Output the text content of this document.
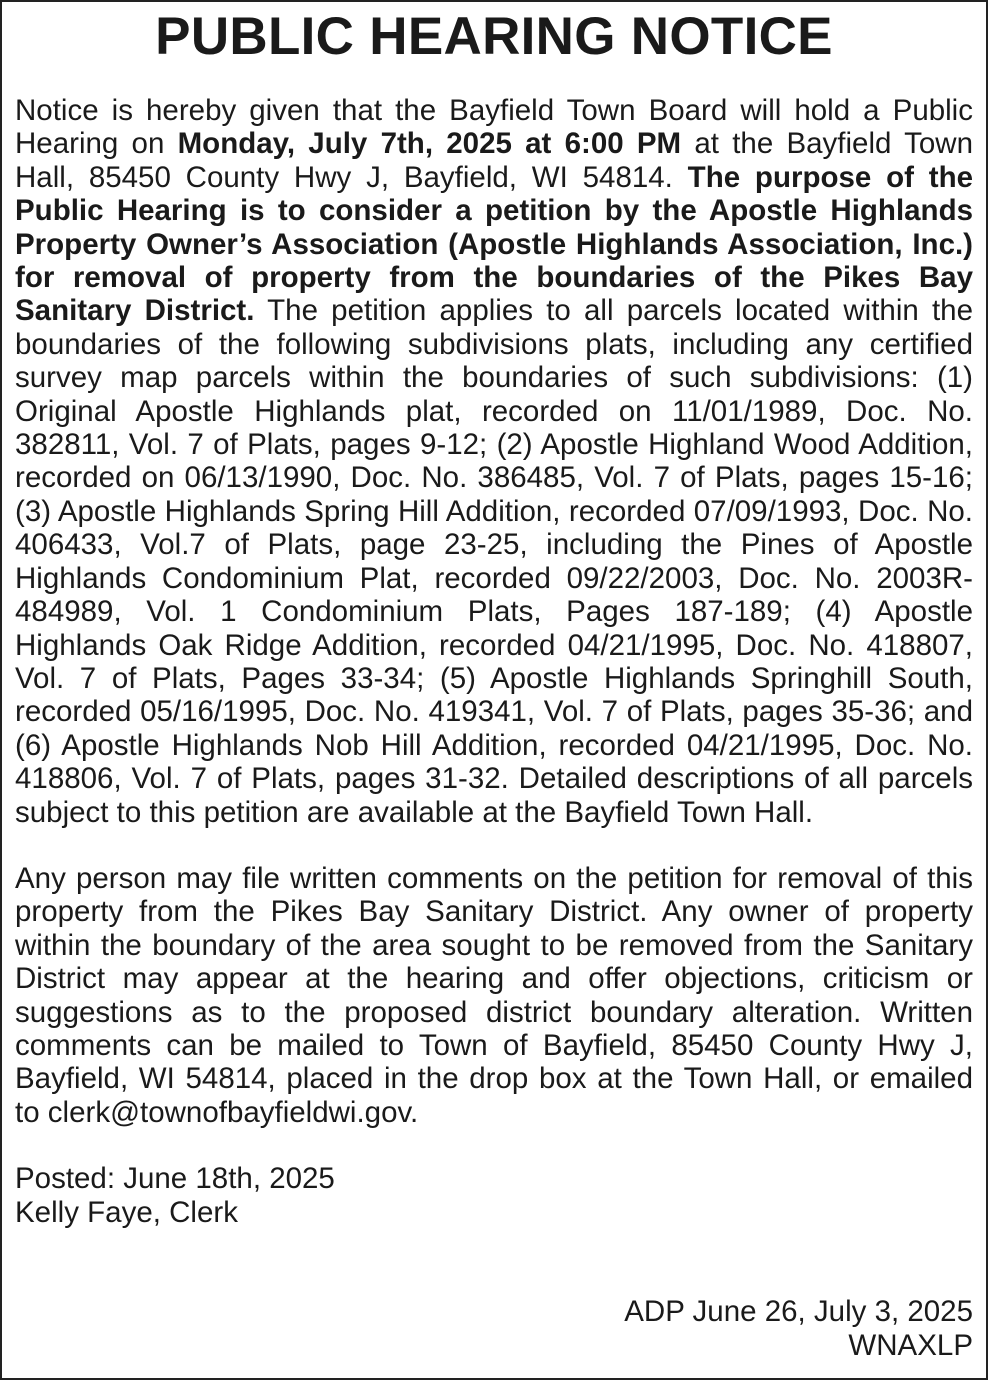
PUBLIC HEARING NOTICE

Notice is hereby given that the Bayfield Town Board will hold a Public Hearing on Monday, July 7th, 2025 at 6:00 PM at the Bayfield Town Hall, 85450 County Hwy J, Bayfield, WI 54814. The purpose of the Public Hearing is to consider a petition by the Apostle Highlands Property Owner’s Association (Apostle Highlands Association, Inc.) for removal of property from the boundaries of the Pikes Bay Sanitary District. The petition applies to all parcels located within the boundaries of the following subdivisions plats, including any certified survey map parcels within the boundaries of such subdivisions: (1) Original Apostle Highlands plat, recorded on 11/01/1989, Doc. No. 382811, Vol. 7 of Plats, pages 9-12; (2) Apostle Highland Wood Addition, recorded on 06/13/1990, Doc. No. 386485, Vol. 7 of Plats, pages 15-16; (3) Apostle Highlands Spring Hill Addition, recorded 07/09/1993, Doc. No. 406433, Vol.7 of Plats, page 23-25, including the Pines of Apostle Highlands Condominium Plat, recorded 09/22/2003, Doc. No. 2003R-484989, Vol. 1 Condominium Plats, Pages 187-189; (4) Apostle Highlands Oak Ridge Addition, recorded 04/21/1995, Doc. No. 418807, Vol. 7 of Plats, Pages 33-34; (5) Apostle Highlands Springhill South, recorded 05/16/1995, Doc. No. 419341, Vol. 7 of Plats, pages 35-36; and (6) Apostle Highlands Nob Hill Addition, recorded 04/21/1995, Doc. No. 418806, Vol. 7 of Plats, pages 31-32. Detailed descriptions of all parcels subject to this petition are available at the Bayfield Town Hall.

Any person may file written comments on the petition for removal of this property from the Pikes Bay Sanitary District. Any owner of property within the boundary of the area sought to be removed from the Sanitary District may appear at the hearing and offer objections, criticism or suggestions as to the proposed district boundary alteration. Written comments can be mailed to Town of Bayfield, 85450 County Hwy J, Bayfield, WI 54814, placed in the drop box at the Town Hall, or emailed to clerk@townofbayfieldwi.gov.

Posted: June 18th, 2025
Kelly Faye, Clerk
ADP June 26, July 3, 2025
WNAXLP
